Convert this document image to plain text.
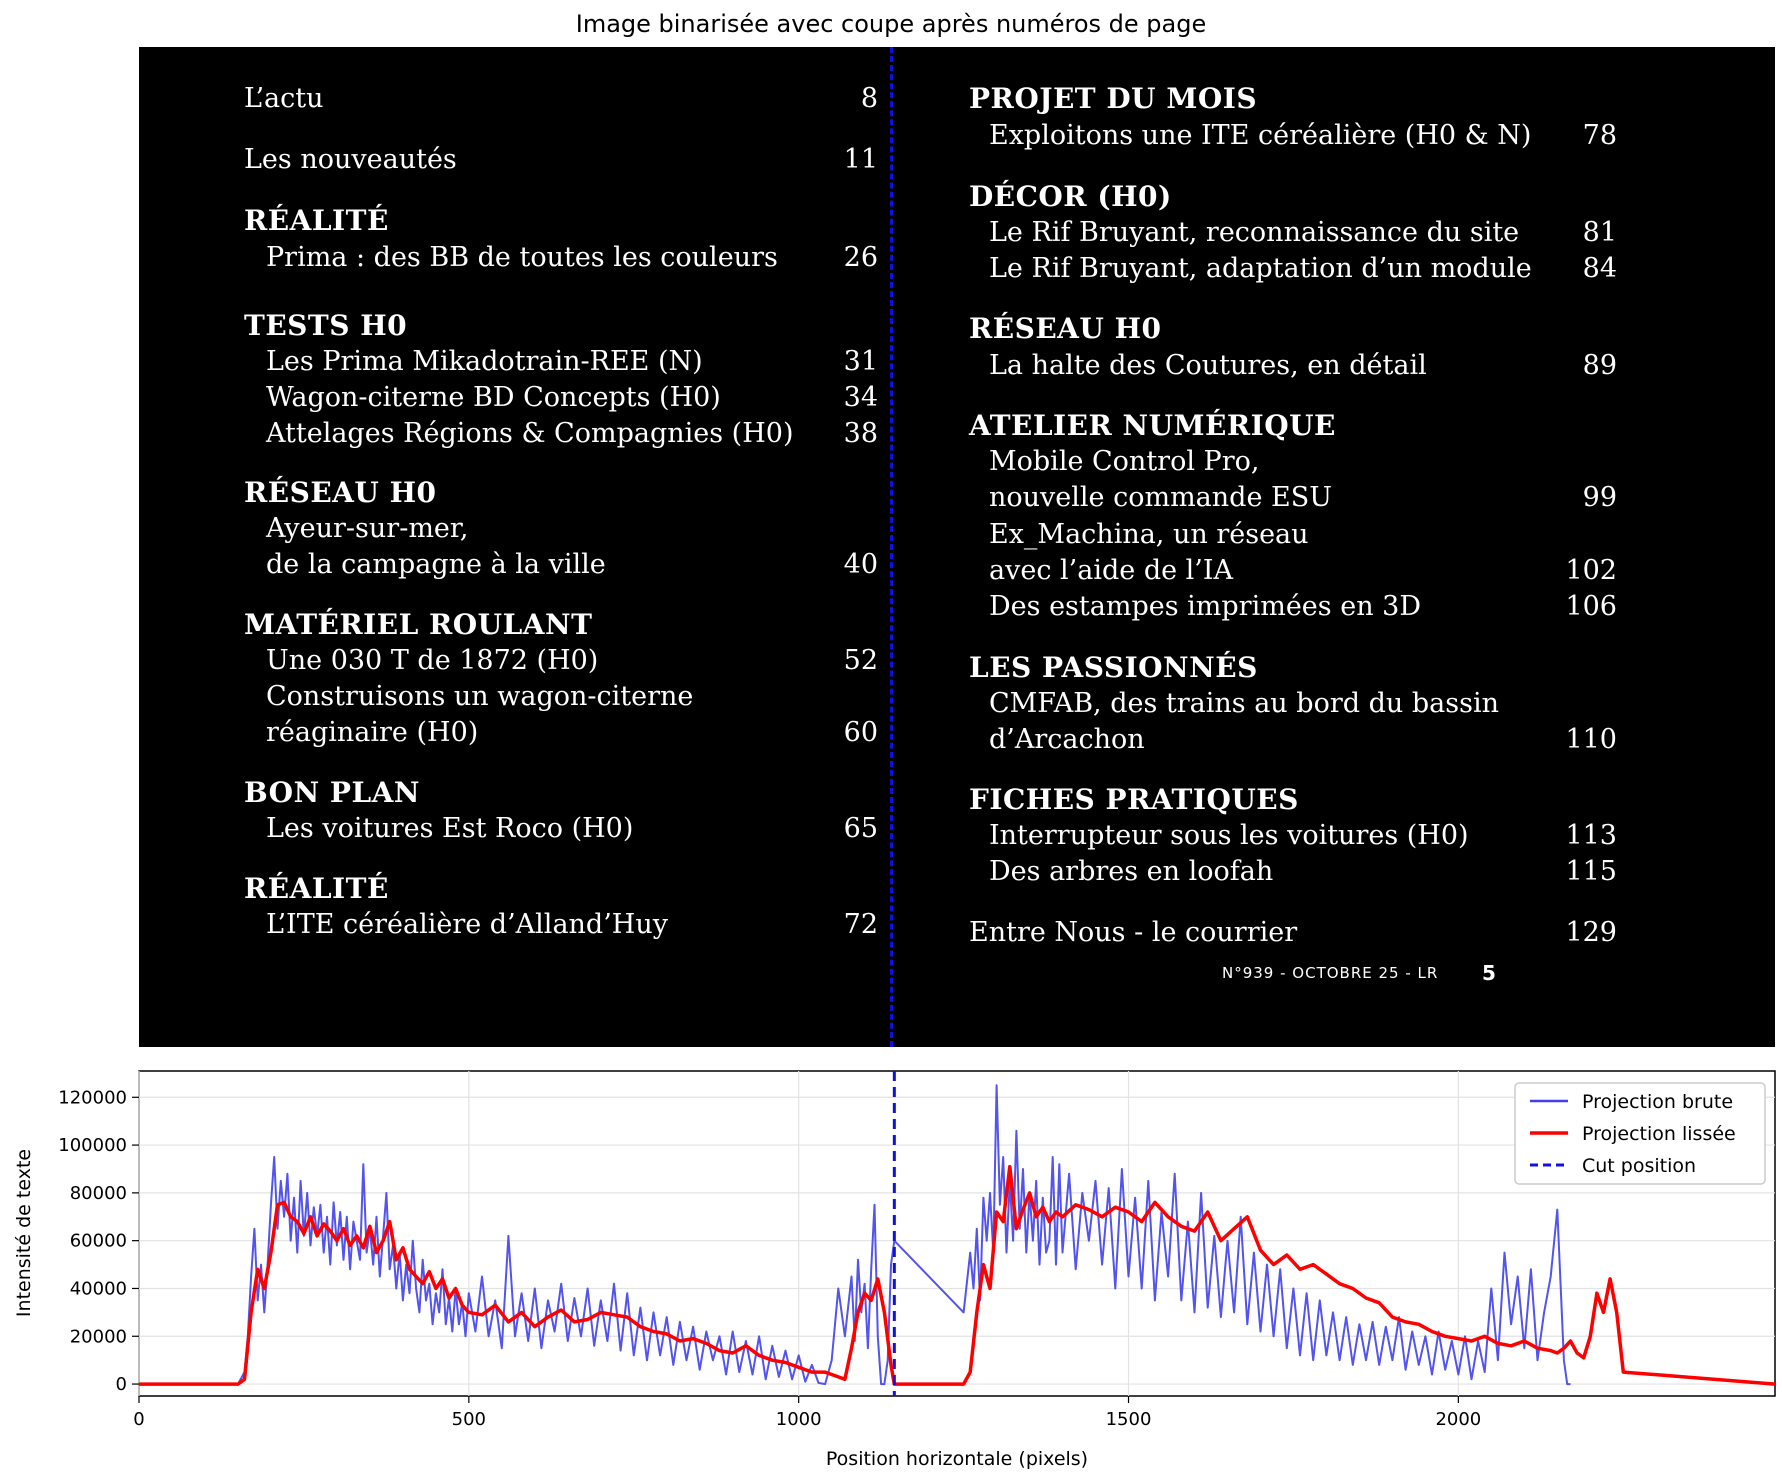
Image binarisée avec coupe après numéros de page
N°939 - OCTOBRE 25 - LR 5
L’actu	8
Les nouveautés	11
RÉALITÉ
Prima : des BB de toutes les couleurs	26
TESTS H0
Les Prima Mikadotrain-REE (N)	31
Wagon-citerne BD Concepts (H0)	34
Attelages Régions & Compagnies (H0)	38
RÉSEAU H0
Ayeur-sur-mer,
de la campagne à la ville	40
MATÉRIEL ROULANT
Une 030 T de 1872 (H0)	52
Construisons un wagon-citerne
réaginaire (H0)	60
BON PLAN
Les voitures Est Roco (H0)	65
RÉALITÉ
L’ITE céréalière d’Alland’Huy	72
PROJET DU MOIS
Exploitons une ITE céréalière (H0 & N)	78
DÉCOR (H0)
Le Rif Bruyant, reconnaissance du site	81
Le Rif Bruyant, adaptation d’un module	84
RÉSEAU H0
La halte des Coutures, en détail	89
ATELIER NUMÉRIQUE
Mobile Control Pro,
nouvelle commande ESU	99
Ex_Machina, un réseau
avec l’aide de l’IA	102
Des estampes imprimées en 3D	106
LES PASSIONNÉS
CMFAB, des trains au bord du bassin
d’Arcachon	110
FICHES PRATIQUES
Interrupteur sous les voitures (H0)	113
Des arbres en loofah	115
Entre Nous - le courrier	129
0	500	1000	1500	2000
0
20000
40000
60000
80000
100000
120000
Position horizontale (pixels)
Intensité de texte
Projection brute
Projection lissée
Cut position
